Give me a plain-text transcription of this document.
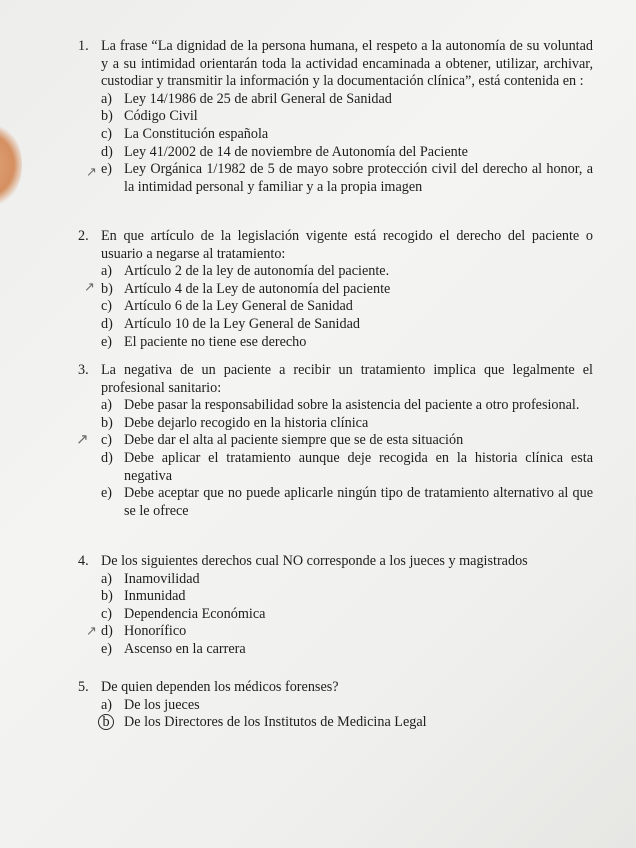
1. La frase “La dignidad de la persona humana, el respeto a la autonomía de su voluntad y a su intimidad orientarán toda la actividad encaminada a obtener, utilizar, archivar, custodiar y transmitir la información y la documentación clínica”, está contenida en :
a) Ley 14/1986 de 25 de abril General de Sanidad
b) Código Civil
c) La Constitución española
d) Ley 41/2002 de 14 de noviembre de Autonomía del Paciente
e) Ley Orgánica 1/1982 de 5 de mayo sobre protección civil del derecho al honor, a la intimidad personal y familiar y a la propia imagen
↗
2. En que artículo de la legislación vigente está recogido el derecho del paciente o usuario a negarse al tratamiento:
a) Artículo 2 de la ley de autonomía del paciente.
b) Artículo 4 de la Ley de autonomía del paciente
c) Artículo 6 de la Ley General de Sanidad
d) Artículo 10 de la Ley General de Sanidad
e) El paciente no tiene ese derecho
↗
3. La negativa de un paciente a recibir un tratamiento implica que legalmente el profesional sanitario:
a) Debe pasar la responsabilidad sobre la asistencia del paciente a otro profesional.
b) Debe dejarlo recogido en la historia clínica
c) Debe dar el alta al paciente siempre que se de esta situación
d) Debe aplicar el tratamiento aunque deje recogida en la historia clínica esta negativa
e) Debe aceptar que no puede aplicarle ningún tipo de tratamiento alternativo al que se le ofrece
↗
4. De los siguientes derechos cual NO corresponde a los jueces y magistrados
a) Inamovilidad
b) Inmunidad
c) Dependencia Económica
d) Honorífico
e) Ascenso en la carrera
↗
5. De quien dependen los médicos forenses?
a) De los jueces
b	De los Directores de los Institutos de Medicina Legal
